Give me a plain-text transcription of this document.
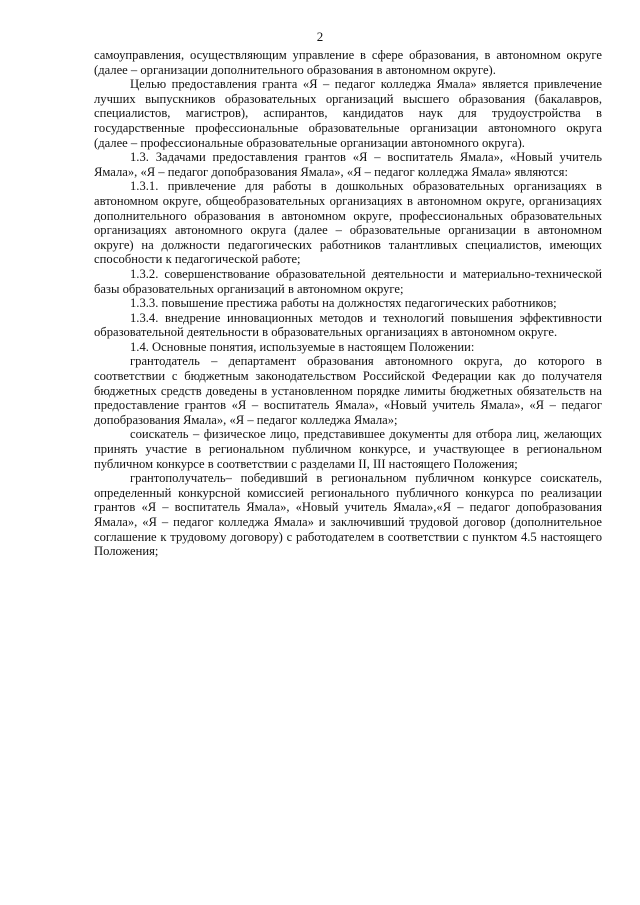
2

самоуправления, осуществляющим управление в сфере образования, в автономном округе (далее – организации дополнительного образования в автономном округе).

Целью предоставления гранта «Я – педагог колледжа Ямала» является привлечение лучших выпускников образовательных организаций высшего образования (бакалавров, специалистов, магистров), аспирантов, кандидатов наук для трудоустройства в государственные профессиональные образовательные организации автономного округа (далее – профессиональные образовательные организации автономного округа).

1.3. Задачами предоставления грантов «Я – воспитатель Ямала», «Новый учитель Ямала», «Я – педагог допобразования Ямала», «Я – педагог колледжа Ямала» являются:

1.3.1. привлечение для работы в дошкольных образовательных организациях в автономном округе, общеобразовательных организациях в автономном округе, организациях дополнительного образования в автономном округе, профессиональных образовательных организациях автономного округа (далее – образовательные организации в автономном округе) на должности педагогических работников талантливых специалистов, имеющих способности к педагогической работе;

1.3.2. совершенствование образовательной деятельности и материально-технической базы образовательных организаций в автономном округе;

1.3.3. повышение престижа работы на должностях педагогических работников;

1.3.4. внедрение инновационных методов и технологий повышения эффективности образовательной деятельности в образовательных организациях в автономном округе.

1.4. Основные понятия, используемые в настоящем Положении:

грантодатель – департамент образования автономного округа, до которого в соответствии с бюджетным законодательством Российской Федерации как до получателя бюджетных средств доведены в установленном порядке лимиты бюджетных обязательств на предоставление грантов «Я – воспитатель Ямала», «Новый учитель Ямала», «Я – педагог допобразования Ямала», «Я – педагог колледжа Ямала»;

соискатель – физическое лицо, представившее документы для отбора лиц, желающих принять участие в региональном публичном конкурсе, и участвующее в региональном публичном конкурсе в соответствии с разделами II, III настоящего Положения;

грантополучатель– победивший в региональном публичном конкурсе соискатель, определенный конкурсной комиссией регионального публичного конкурса по реализации грантов «Я – воспитатель Ямала», «Новый учитель Ямала»,«Я – педагог допобразования Ямала», «Я – педагог колледжа Ямала» и заключивший трудовой договор (дополнительное соглашение к трудовому договору) с работодателем в соответствии с пунктом 4.5 настоящего Положения;
